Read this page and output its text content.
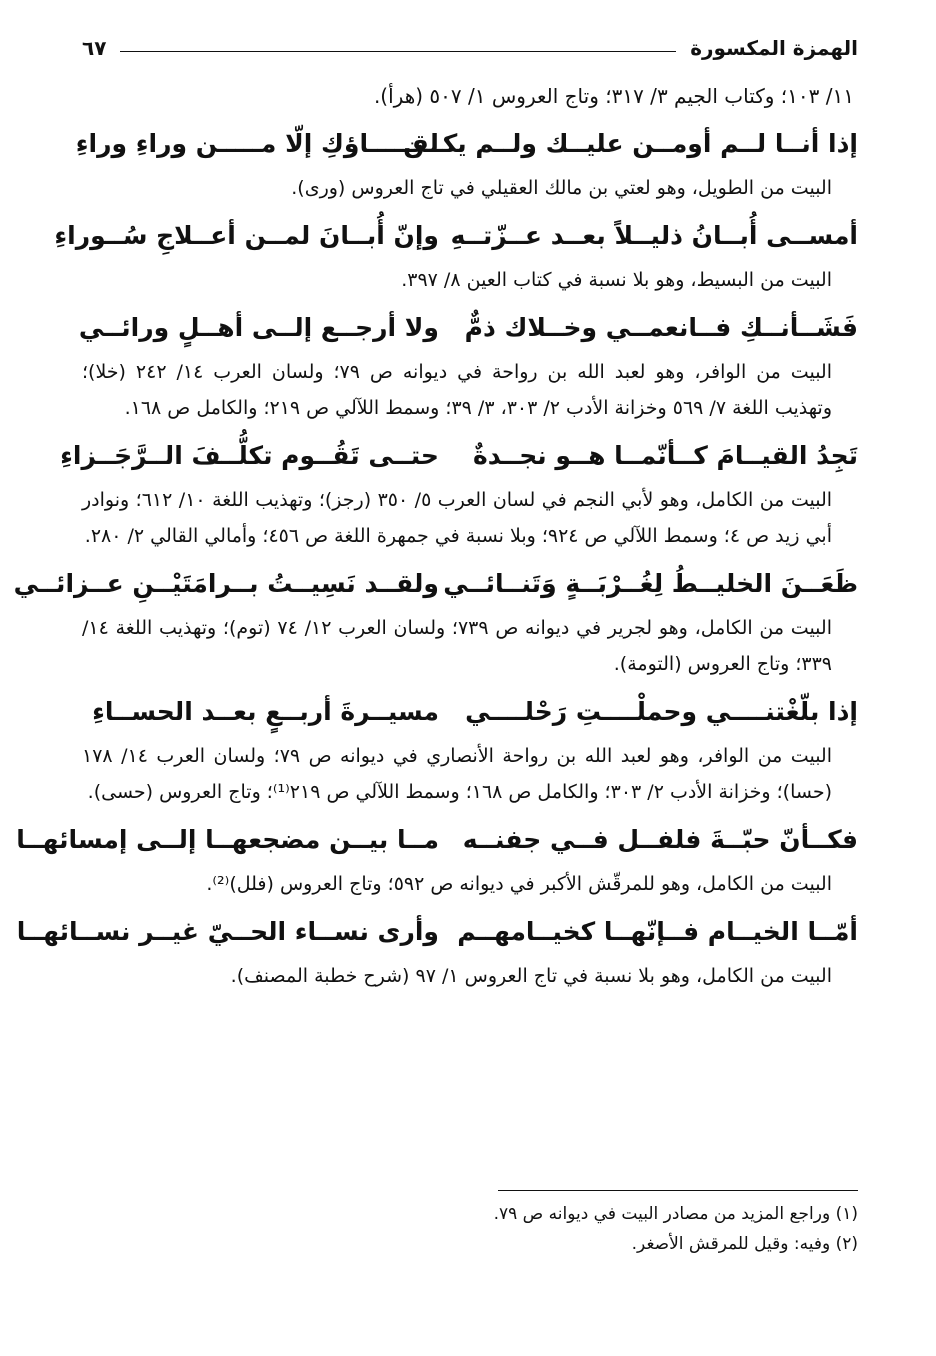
الهمزة المكسورة
٦٧

١١/ ١٠٣؛ وكتاب الجيم ٣/ ٣١٧؛ وتاج العروس ١/ ٥٠٧ (هرأ).

إذا أنــا لــم أومــن عليــك ولــم يكــن
لقـــــاؤكِ إلّا مـــــن وراءِ وراءِ

البيت من الطويل، وهو لعتي بن مالك العقيلي في تاج العروس (ورى).

أمســى أُبــانُ ذليــلاً بعــد عــزّتــهِ
وإنّ أُبــانَ لمــن أعــلاجِ سُــوراءِ

البيت من البسيط، وهو بلا نسبة في كتاب العين ٨/ ٣٩٧.

فَشَــأنــكِ فــانعمــي وخــلاك ذمٌّ
ولا أرجــع إلــى أهــلٍ ورائــي

البيت من الوافر، وهو لعبد الله بن رواحة في ديوانه ص ٧٩؛ ولسان العرب ١٤/ ٢٤٢ (خلا)؛ وتهذيب اللغة ٧/ ٥٦٩ وخزانة الأدب ٢/ ٣٠٣، ٣/ ٣٩؛ وسمط اللآلي ص ٢١٩؛ والكامل ص ١٦٨.

تَجِدُ القيــامَ كــأنّمــا هــو نجــدةٌ
حتــى تَقُــوم تكلُّــفَ الــرَّجَــزاءِ

البيت من الكامل، وهو لأبي النجم في لسان العرب ٥/ ٣٥٠ (رجز)؛ وتهذيب اللغة ١٠/ ٦١٢؛ ونوادر أبي زيد ص ٤؛ وسمط اللآلي ص ٩٢٤؛ وبلا نسبة في جمهرة اللغة ص ٤٥٦؛ وأمالي القالي ٢/ ٢٨٠.

ظَعَــنَ الخليــطُ لِغُــرْبَــةٍ وَتَنــائــي
ولقــد نَسِيــتُ بــرامَتَيْــنِ عــزائــي

البيت من الكامل، وهو لجرير في ديوانه ص ٧٣٩؛ ولسان العرب ١٢/ ٧٤ (توم)؛ وتهذيب اللغة ١٤/ ٣٣٩؛ وتاج العروس (التومة).

إذا بلّغْتنــــي وحملْــــتِ رَحْلــــي
مسيــرةَ أربــعٍ بعــد الحســاءِ

البيت من الوافر، وهو لعبد الله بن رواحة الأنصاري في ديوانه ص ٧٩؛ ولسان العرب ١٤/ ١٧٨ (حسا)؛ وخزانة الأدب ٢/ ٣٠٣؛ والكامل ص ١٦٨؛ وسمط اللآلي ص ٢١٩⁽¹⁾؛ وتاج العروس (حسى).

فكــأنّ حبّــةَ فلفــل فــي جفنــه
مــا بيــن مضجعهــا إلــى إمسائهــا

البيت من الكامل، وهو للمرقّش الأكبر في ديوانه ص ٥٩٢؛ وتاج العروس (فلل)⁽²⁾.

أمّــا الخيــام فــإنّهــا كخيــامهــم
وأرى نســاء الحــيّ غيــر نســائهــا

البيت من الكامل، وهو بلا نسبة في تاج العروس ١/ ٩٧ (شرح خطبة المصنف).

(١) وراجع المزيد من مصادر البيت في ديوانه ص ٧٩.

(٢) وفيه: وقيل للمرقش الأصغر.
